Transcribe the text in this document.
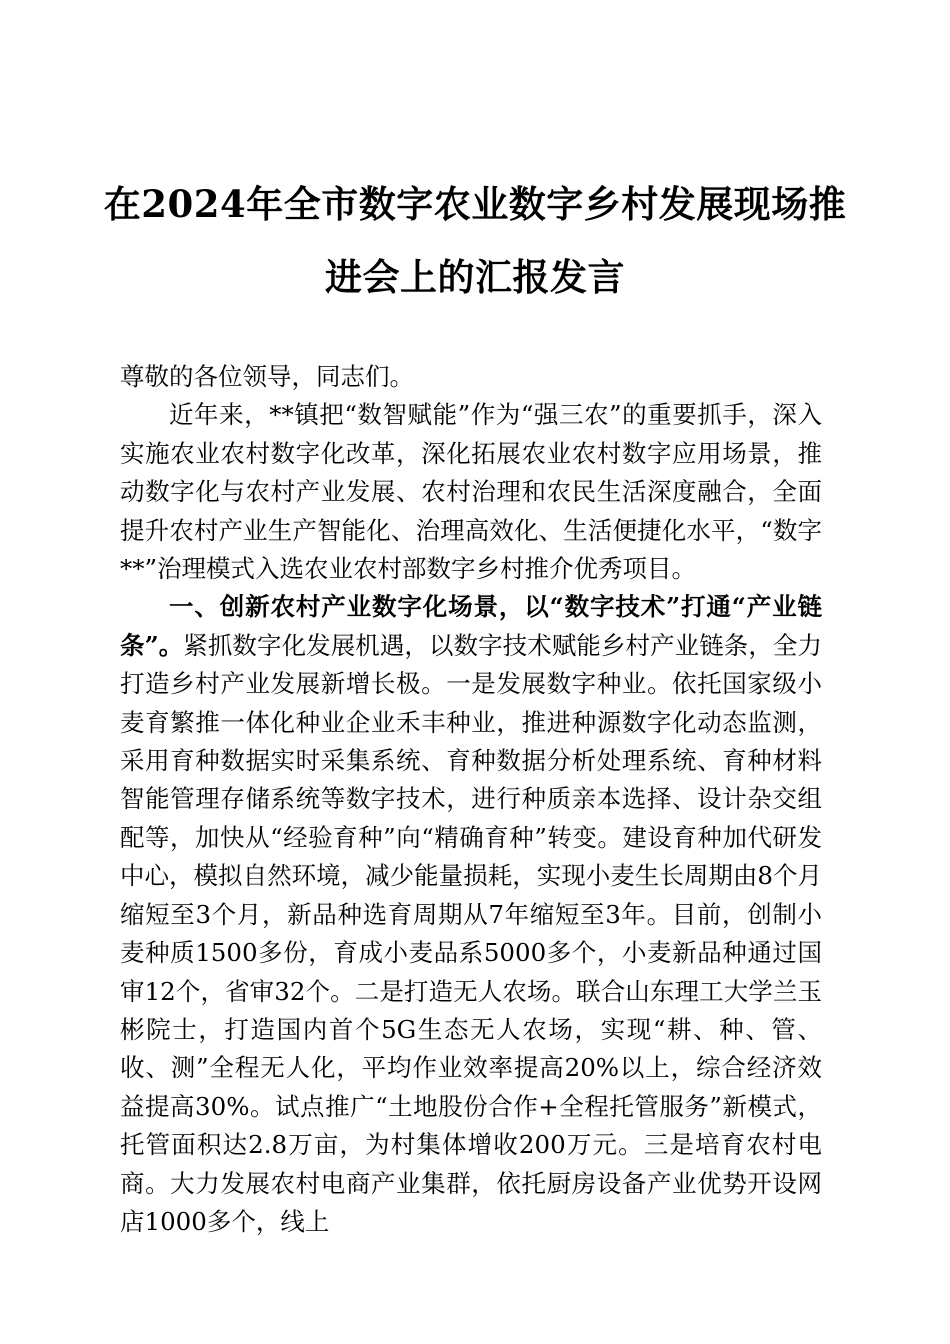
在2024年全市数字农业数字乡村发展现场推进会上的汇报发言

尊敬的各位领导，同志们。

近年来，**镇把“数智赋能”作为“强三农”的重要抓手，深入实施农业农村数字化改革，深化拓展农业农村数字应用场景，推动数字化与农村产业发展、农村治理和农民生活深度融合，全面提升农村产业生产智能化、治理高效化、生活便捷化水平，“数字**”治理模式入选农业农村部数字乡村推介优秀项目。

一、创新农村产业数字化场景，以“数字技术”打通“产业链条”。紧抓数字化发展机遇，以数字技术赋能乡村产业链条，全力打造乡村产业发展新增长极。一是发展数字种业。依托国家级小麦育繁推一体化种业企业禾丰种业，推进种源数字化动态监测，采用育种数据实时采集系统、育种数据分析处理系统、育种材料智能管理存储系统等数字技术，进行种质亲本选择、设计杂交组配等，加快从“经验育种”向“精确育种”转变。建设育种加代研发中心，模拟自然环境，减少能量损耗，实现小麦生长周期由8个月缩短至3个月，新品种选育周期从7年缩短至3年。目前，创制小麦种质1500多份，育成小麦品系5000多个，小麦新品种通过国审12个，省审32个。二是打造无人农场。联合山东理工大学兰玉彬院士，打造国内首个5G生态无人农场，实现“耕、种、管、收、测”全程无人化，平均作业效率提高20%以上，综合经济效益提高30%。试点推广“土地股份合作+全程托管服务”新模式，托管面积达2.8万亩，为村集体增收200万元。三是培育农村电商。大力发展农村电商产业集群，依托厨房设备产业优势开设网店1000多个，线上
